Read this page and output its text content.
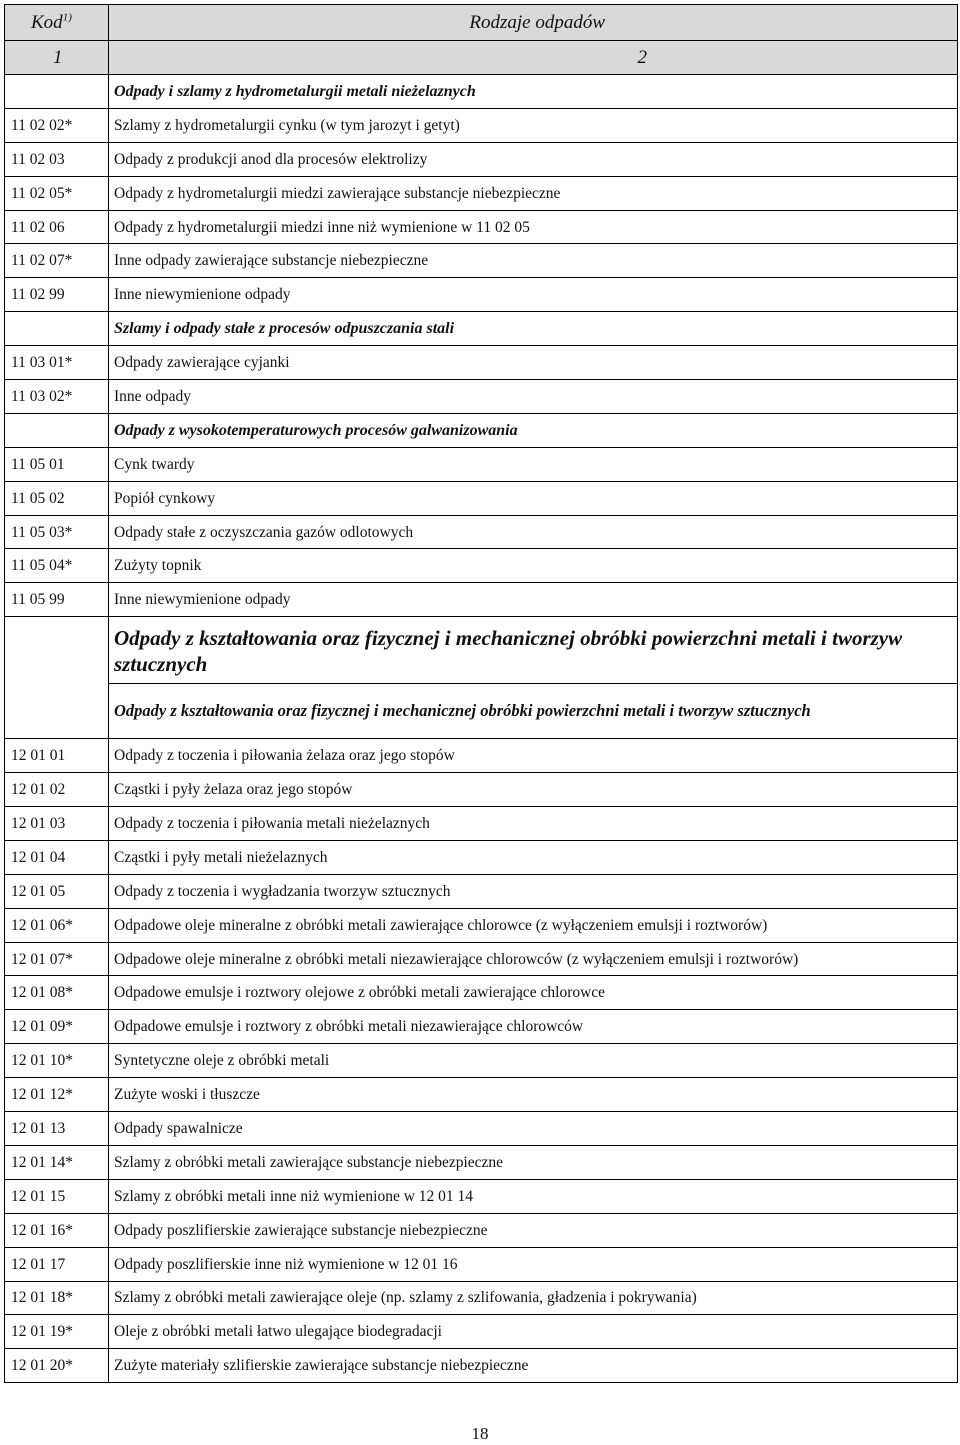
Kod$^{1)}$	Rodzaje odpadów
1	2
	Odpady i szlamy z hydrometalurgii metali nieżelaznych
11 02 02*	Szlamy z hydrometalurgii cynku (w tym jarozyt i getyt)
11 02 03	Odpady z produkcji anod dla procesów elektrolizy
11 02 05*	Odpady z hydrometalurgii miedzi zawierające substancje niebezpieczne
11 02 06	Odpady z hydrometalurgii miedzi inne niż wymienione w 11 02 05
11 02 07*	Inne odpady zawierające substancje niebezpieczne
11 02 99	Inne niewymienione odpady
	Szlamy i odpady stałe z procesów odpuszczania stali
11 03 01*	Odpady zawierające cyjanki
11 03 02*	Inne odpady
	Odpady z wysokotemperaturowych procesów galwanizowania
11 05 01	Cynk twardy
11 05 02	Popiół cynkowy
11 05 03*	Odpady stałe z oczyszczania gazów odlotowych
11 05 04*	Zużyty topnik
11 05 99	Inne niewymienione odpady
	Odpady z kształtowania oraz fizycznej i mechanicznej obróbki powierzchni metali i tworzyw sztucznych
	Odpady z kształtowania oraz fizycznej i mechanicznej obróbki powierzchni metali i tworzyw sztucznych
12 01 01	Odpady z toczenia i piłowania żelaza oraz jego stopów
12 01 02	Cząstki i pyły żelaza oraz jego stopów
12 01 03	Odpady z toczenia i piłowania metali nieżelaznych
12 01 04	Cząstki i pyły metali nieżelaznych
12 01 05	Odpady z toczenia i wygładzania tworzyw sztucznych
12 01 06*	Odpadowe oleje mineralne z obróbki metali zawierające chlorowce (z wyłączeniem emulsji i roztworów)
12 01 07*	Odpadowe oleje mineralne z obróbki metali niezawierające chlorowców (z wyłączeniem emulsji i roztworów)
12 01 08*	Odpadowe emulsje i roztwory olejowe z obróbki metali zawierające chlorowce
12 01 09*	Odpadowe emulsje i roztwory z obróbki metali niezawierające chlorowców
12 01 10*	Syntetyczne oleje z obróbki metali
12 01 12*	Zużyte woski i tłuszcze
12 01 13	Odpady spawalnicze
12 01 14*	Szlamy z obróbki metali zawierające substancje niebezpieczne
12 01 15	Szlamy z obróbki metali inne niż wymienione w 12 01 14
12 01 16*	Odpady poszlifierskie zawierające substancje niebezpieczne
12 01 17	Odpady poszlifierskie inne niż wymienione w 12 01 16
12 01 18*	Szlamy z obróbki metali zawierające oleje (np. szlamy z szlifowania, gładzenia i pokrywania)
12 01 19*	Oleje z obróbki metali łatwo ulegające biodegradacji
12 01 20*	Zużyte materiały szlifierskie zawierające substancje niebezpieczne
18
